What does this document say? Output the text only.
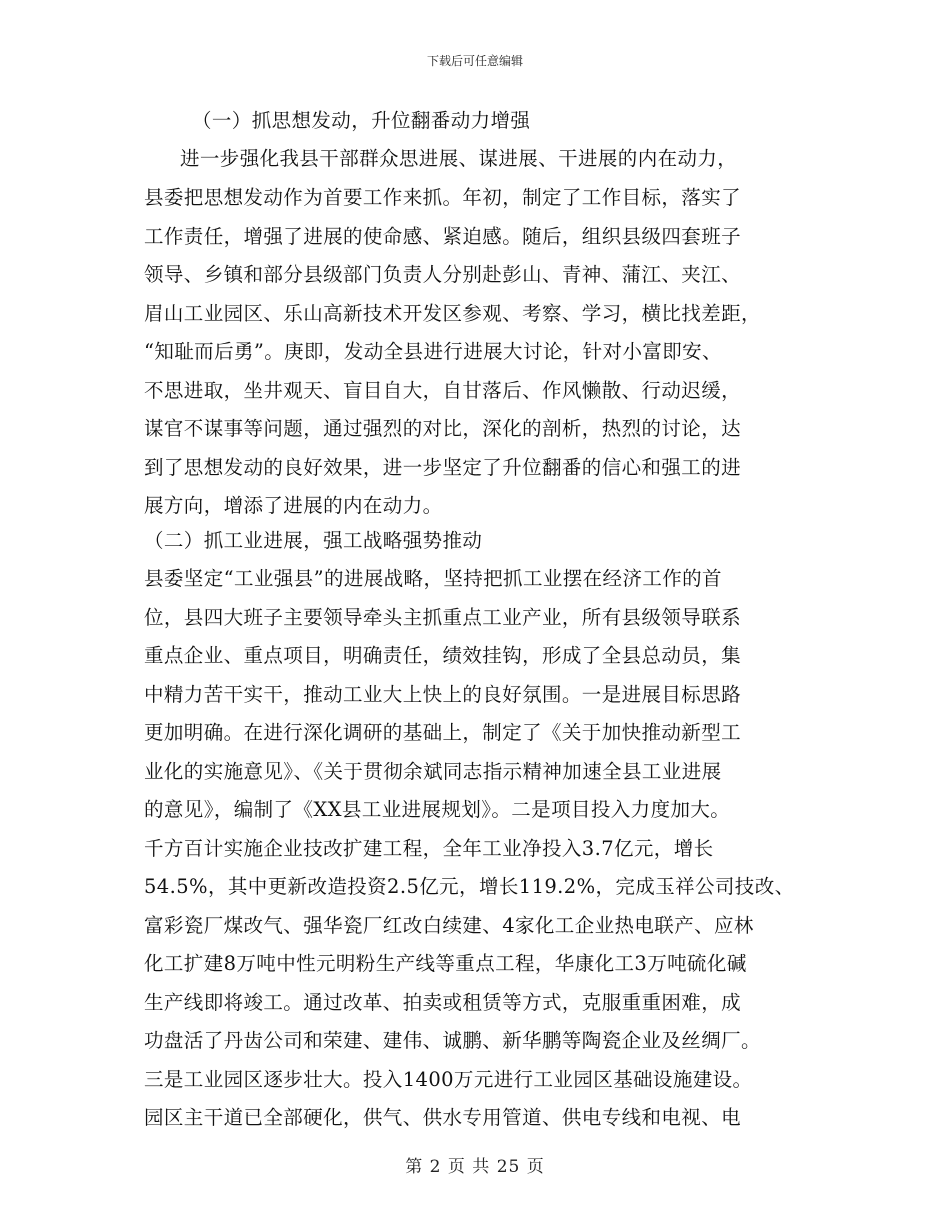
下载后可任意编辑
（一）抓思想发动，升位翻番动力增强
进一步强化我县干部群众思进展、谋进展、干进展的内在动力，
县委把思想发动作为首要工作来抓。年初，制定了工作目标，落实了
工作责任，增强了进展的使命感、紧迫感。随后，组织县级四套班子
领导、乡镇和部分县级部门负责人分别赴彭山、青神、蒲江、夹江、
眉山工业园区、乐山高新技术开发区参观、考察、学习，横比找差距，
“知耻而后勇”。庚即，发动全县进行进展大讨论，针对小富即安、
不思进取，坐井观天、盲目自大，自甘落后、作风懒散、行动迟缓，
谋官不谋事等问题，通过强烈的对比，深化的剖析，热烈的讨论，达
到了思想发动的良好效果，进一步坚定了升位翻番的信心和强工的进
展方向，增添了进展的内在动力。
（二）抓工业进展，强工战略强势推动
县委坚定“工业强县”的进展战略，坚持把抓工业摆在经济工作的首
位，县四大班子主要领导牵头主抓重点工业产业，所有县级领导联系
重点企业、重点项目，明确责任，绩效挂钩，形成了全县总动员，集
中精力苦干实干，推动工业大上快上的良好氛围。一是进展目标思路
更加明确。在进行深化调研的基础上，制定了《关于加快推动新型工
业化的实施意见》、《关于贯彻余斌同志指示精神加速全县工业进展
的意见》，编制了《XX县工业进展规划》。二是项目投入力度加大。
千方百计实施企业技改扩建工程，全年工业净投入3.7亿元，增长
54.5%，其中更新改造投资2.5亿元，增长119.2%，完成玉祥公司技改、
富彩瓷厂煤改气、强华瓷厂红改白续建、4家化工企业热电联产、应林
化工扩建8万吨中性元明粉生产线等重点工程，华康化工3万吨硫化碱
生产线即将竣工。通过改革、拍卖或租赁等方式，克服重重困难，成
功盘活了丹齿公司和荣建、建伟、诚鹏、新华鹏等陶瓷企业及丝绸厂。
三是工业园区逐步壮大。投入1400万元进行工业园区基础设施建设。
园区主干道已全部硬化，供气、供水专用管道、供电专线和电视、电
第 2 页 共 25 页
